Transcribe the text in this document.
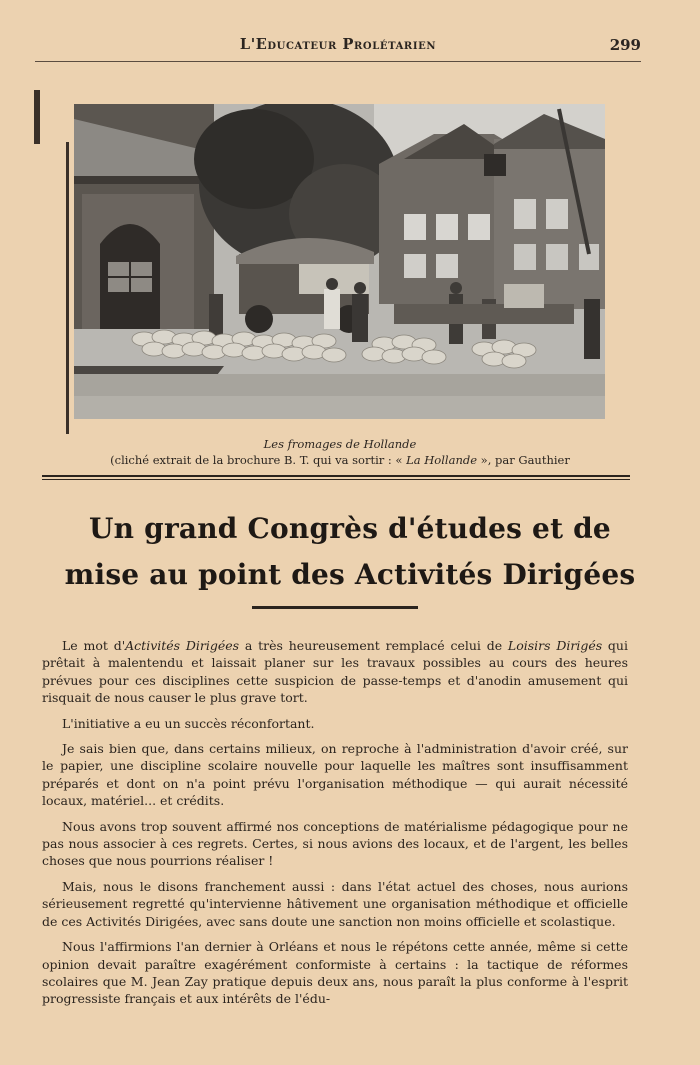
L'Educateur Prolétarien	299
Les fromages de Hollande
(cliché extrait de la brochure B. T. qui va sortir : « La Hollande », par Gauthier
Un grand Congrès d'études et de
mise au point des Activités Dirigées

Le mot d'Activités Dirigées a très heureusement remplacé celui de Loisirs Dirigés qui prêtait à malentendu et laissait planer sur les travaux possibles au cours des heures prévues pour ces disciplines cette suspicion de passe-temps et d'anodin amusement qui risquait de nous causer le plus grave tort.

L'initiative a eu un succès réconfortant.

Je sais bien que, dans certains milieux, on reproche à l'administration d'avoir créé, sur le papier, une discipline scolaire nouvelle pour laquelle les maîtres sont insuffisamment préparés et dont on n'a point prévu l'organisation méthodique — qui aurait nécessité locaux, matériel... et crédits.

Nous avons trop souvent affirmé nos conceptions de matérialisme pédagogique pour ne pas nous associer à ces regrets. Certes, si nous avions des locaux, et de l'argent, les belles choses que nous pourrions réaliser !

Mais, nous le disons franchement aussi : dans l'état actuel des choses, nous aurions sérieusement regretté qu'intervienne hâtivement une organisation méthodique et officielle de ces Activités Dirigées, avec sans doute une sanction non moins officielle et scolastique.

Nous l'affirmions l'an dernier à Orléans et nous le répétons cette année, même si cette opinion devait paraître exagérément conformiste à certains : la tactique de réformes scolaires que M. Jean Zay pratique depuis deux ans, nous paraît la plus conforme à l'esprit progressiste français et aux intérêts de l'édu-
